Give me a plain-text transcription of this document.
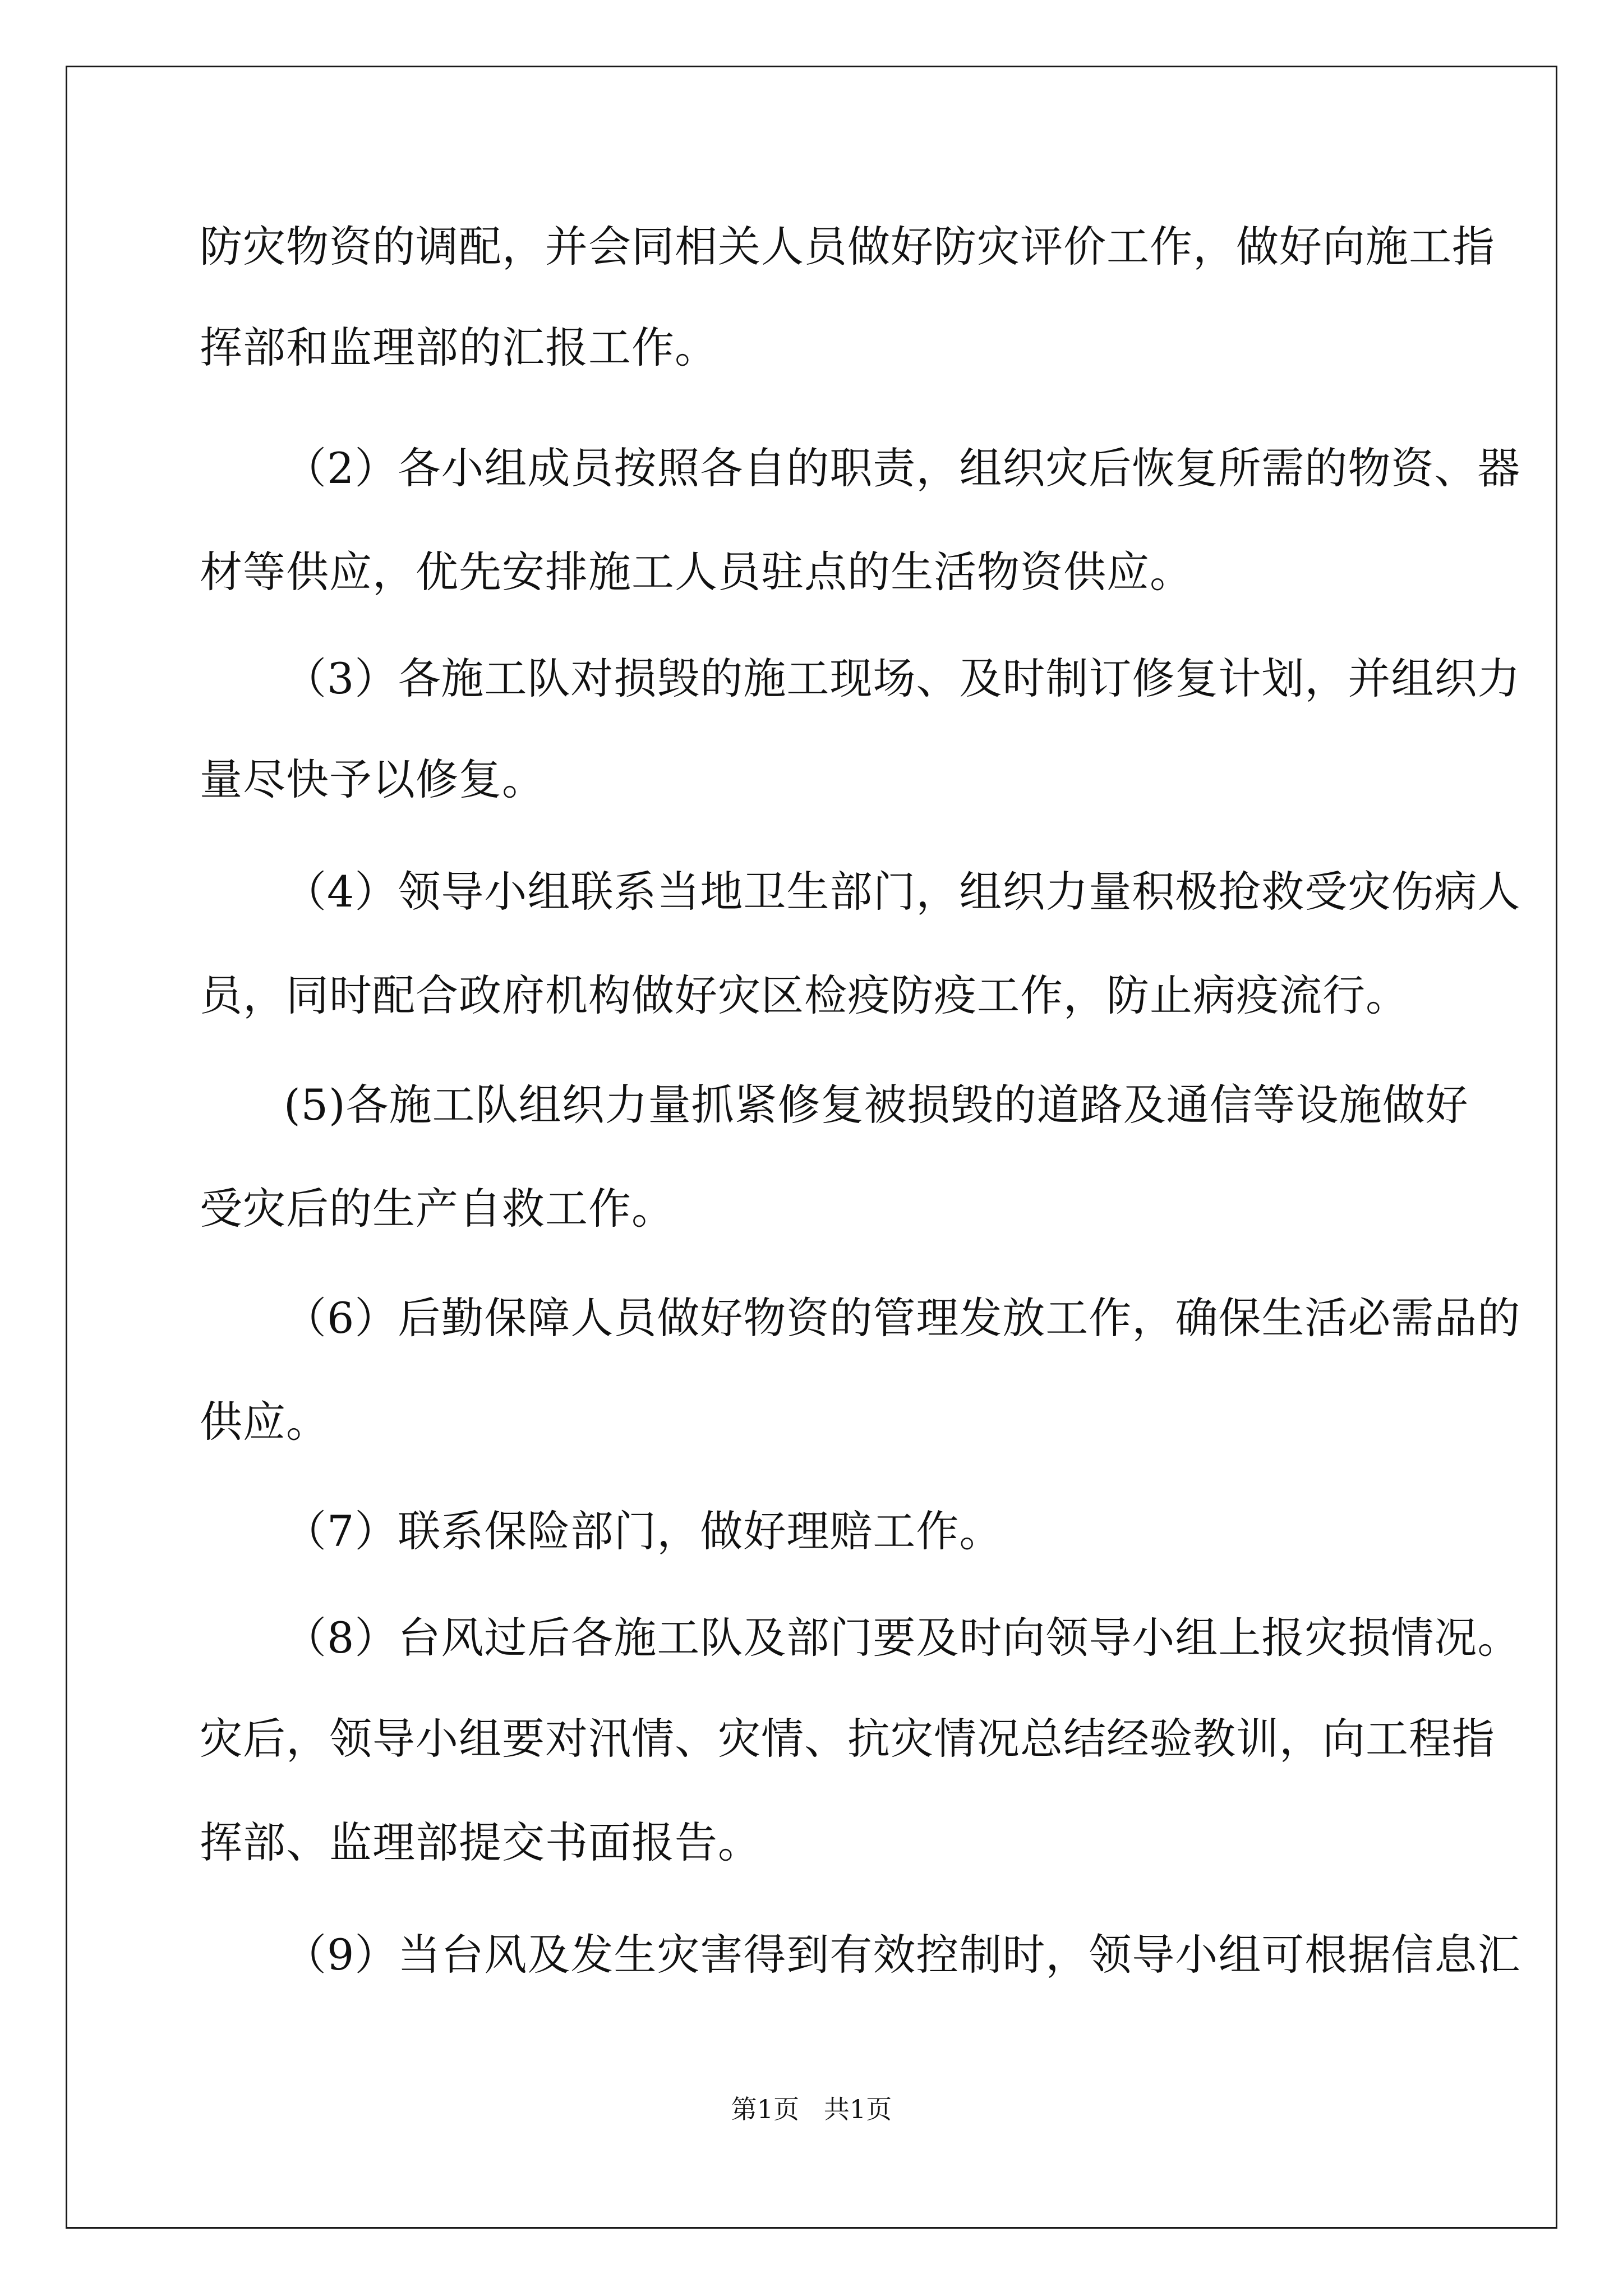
防灾物资的调配，并会同相关人员做好防灾评价工作，做好向施工指

挥部和监理部的汇报工作。

（2）各小组成员按照各自的职责，组织灾后恢复所需的物资、器

材等供应，优先安排施工人员驻点的生活物资供应。

（3）各施工队对损毁的施工现场、及时制订修复计划，并组织力

量尽快予以修复。

（4）领导小组联系当地卫生部门，组织力量积极抢救受灾伤病人

员，同时配合政府机构做好灾区检疫防疫工作，防止病疫流行。

(5)各施工队组织力量抓紧修复被损毁的道路及通信等设施做好

受灾后的生产自救工作。

（6）后勤保障人员做好物资的管理发放工作，确保生活必需品的

供应。

（7）联系保险部门，做好理赔工作。

（8）台风过后各施工队及部门要及时向领导小组上报灾损情况。

灾后，领导小组要对汛情、灾情、抗灾情况总结经验教训，向工程指

挥部、监理部提交书面报告。

（9）当台风及发生灾害得到有效控制时，领导小组可根据信息汇

第1页   共1页
